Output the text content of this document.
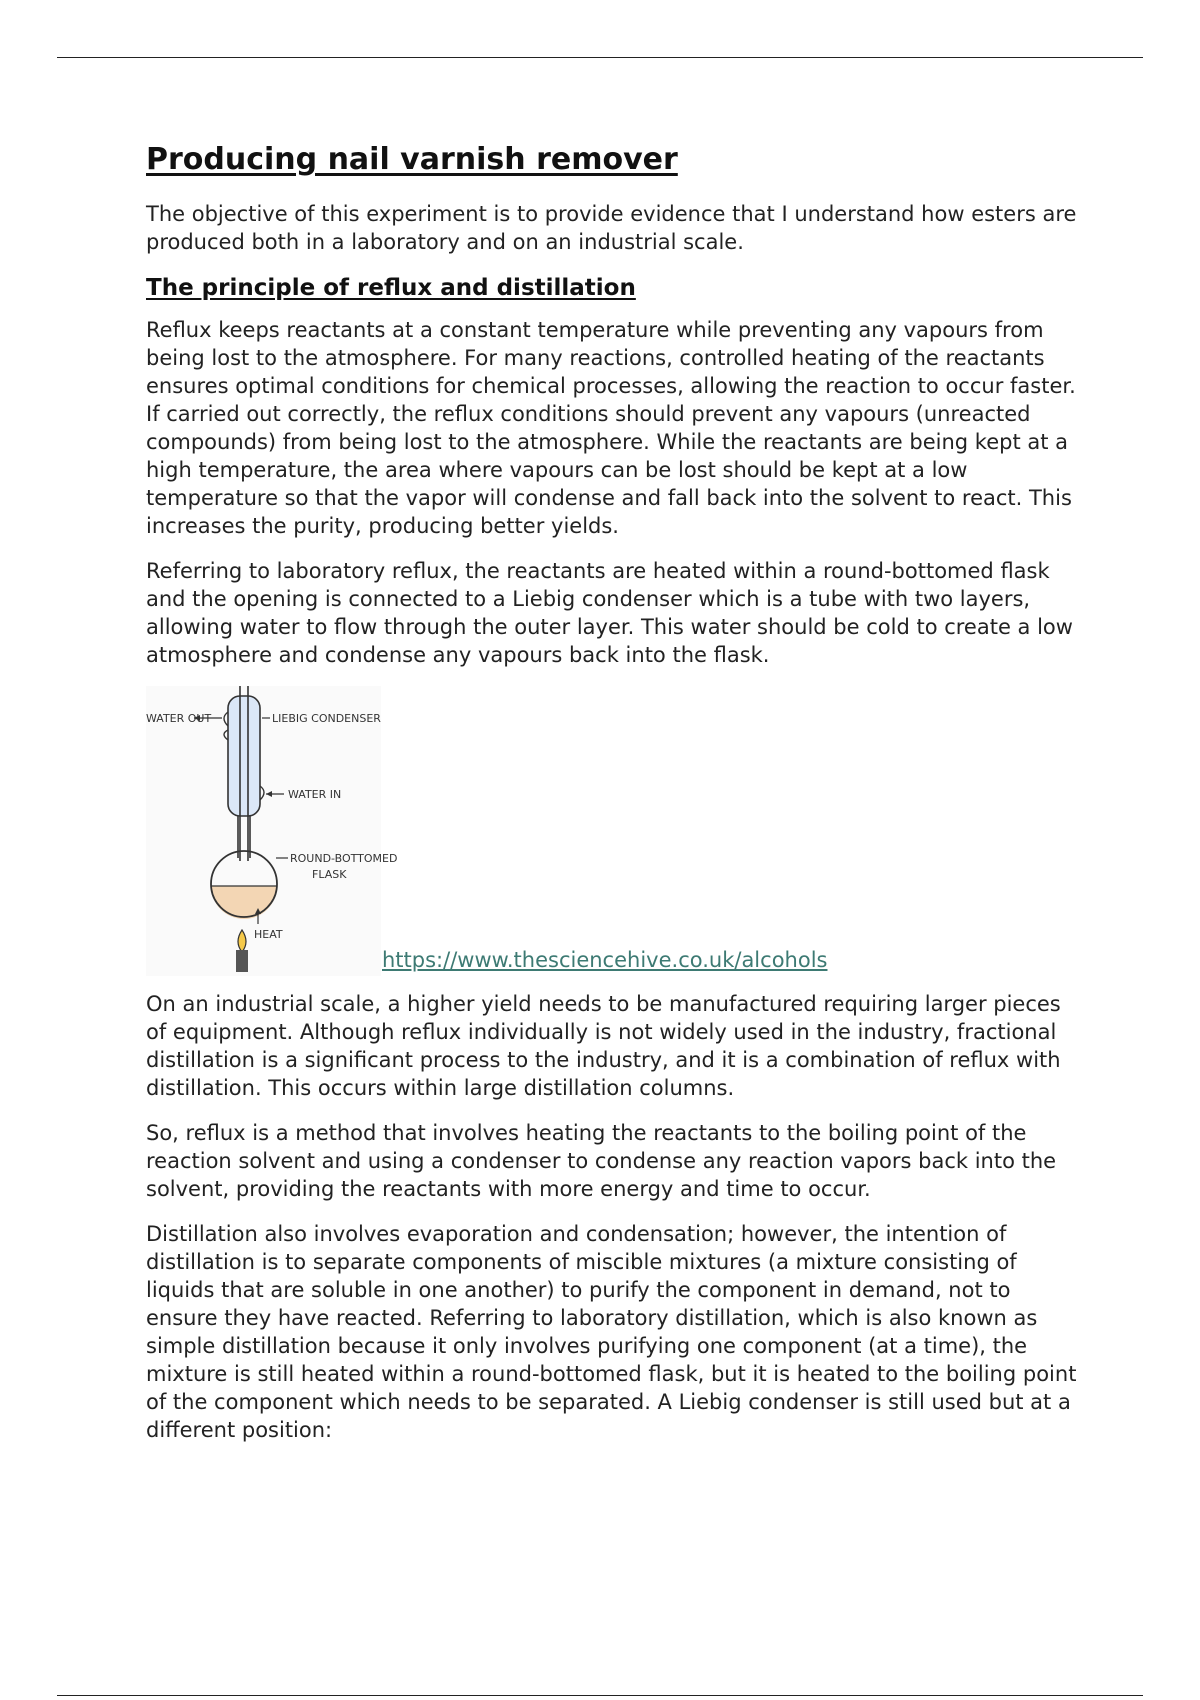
Producing nail varnish remover

The objective of this experiment is to provide evidence that I understand how esters are produced both in a laboratory and on an industrial scale.

The principle of reflux and distillation

Reflux keeps reactants at a constant temperature while preventing any vapours from being lost to the atmosphere. For many reactions, controlled heating of the reactants ensures optimal conditions for chemical processes, allowing the reaction to occur faster. If carried out correctly, the reflux conditions should prevent any vapours (unreacted compounds) from being lost to the atmosphere. While the reactants are being kept at a high temperature, the area where vapours can be lost should be kept at a low temperature so that the vapor will condense and fall back into the solvent to react. This increases the purity, producing better yields.

Referring to laboratory reflux, the reactants are heated within a round-bottomed flask and the opening is connected to a Liebig condenser which is a tube with two layers, allowing water to flow through the outer layer. This water should be cold to create a low atmosphere and condense any vapours back into the flask.

WATER OUT	LIEBIG CONDENSER
WATER IN
ROUND-BOTTOMED
FLASK
HEAT
https://www.thesciencehive.co.uk/alcohols

On an industrial scale, a higher yield needs to be manufactured requiring larger pieces of equipment. Although reflux individually is not widely used in the industry, fractional distillation is a significant process to the industry, and it is a combination of reflux with distillation. This occurs within large distillation columns.

So, reflux is a method that involves heating the reactants to the boiling point of the reaction solvent and using a condenser to condense any reaction vapors back into the solvent, providing the reactants with more energy and time to occur.

Distillation also involves evaporation and condensation; however, the intention of distillation is to separate components of miscible mixtures (a mixture consisting of liquids that are soluble in one another) to purify the component in demand, not to ensure they have reacted. Referring to laboratory distillation, which is also known as simple distillation because it only involves purifying one component (at a time), the mixture is still heated within a round-bottomed flask, but it is heated to the boiling point of the component which needs to be separated. A Liebig condenser is still used but at a different position:
